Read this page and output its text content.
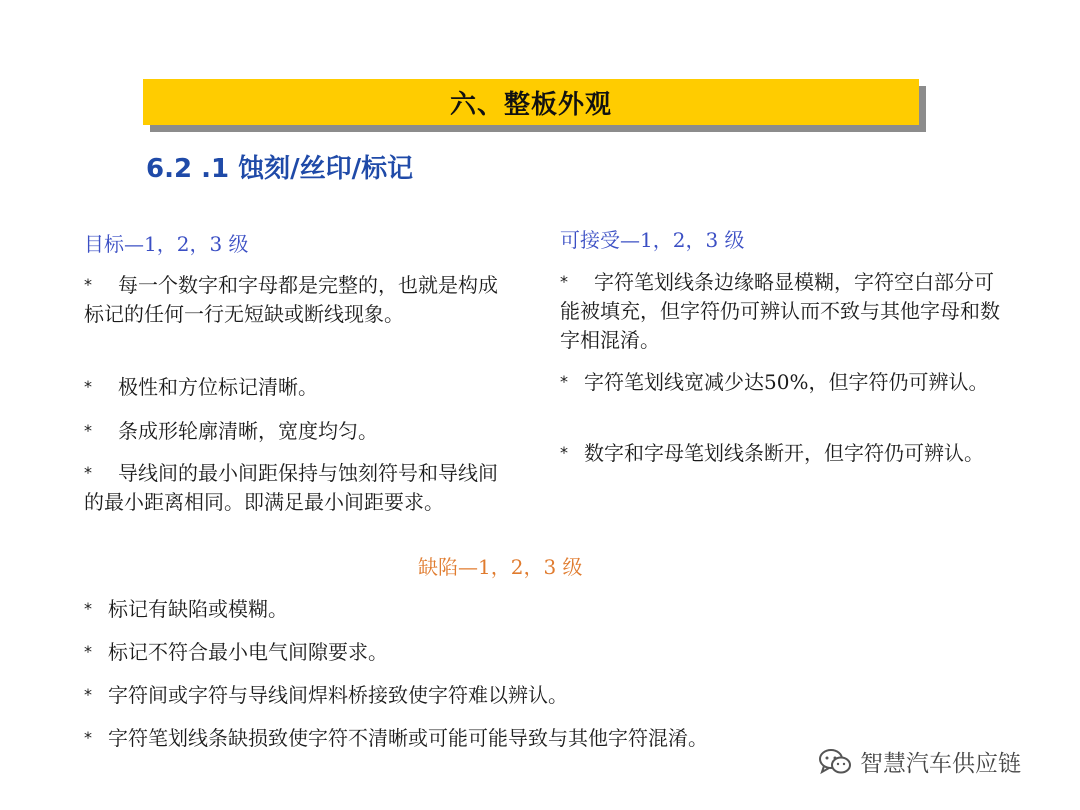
六、整板外观
6.2 .1 蚀刻/丝印/标记
目标—1，2，3 级
* 每一个数字和字母都是完整的，也就是构成标记的任何一行无短缺或断线现象。
* 极性和方位标记清晰。
* 条成形轮廓清晰，宽度均匀。
* 导线间的最小间距保持与蚀刻符号和导线间的最小距离相同。即满足最小间距要求。
可接受—1，2，3 级
* 字符笔划线条边缘略显模糊，字符空白部分可能被填充，但字符仍可辨认而不致与其他字母和数字相混淆。
* 字符笔划线宽减少达50%，但字符仍可辨认。
* 数字和字母笔划线条断开，但字符仍可辨认。
缺陷—1，2，3 级
* 标记有缺陷或模糊。
* 标记不符合最小电气间隙要求。
* 字符间或字符与导线间焊料桥接致使字符难以辨认。
* 字符笔划线条缺损致使字符不清晰或可能可能导致与其他字符混淆。
智慧汽车供应链
